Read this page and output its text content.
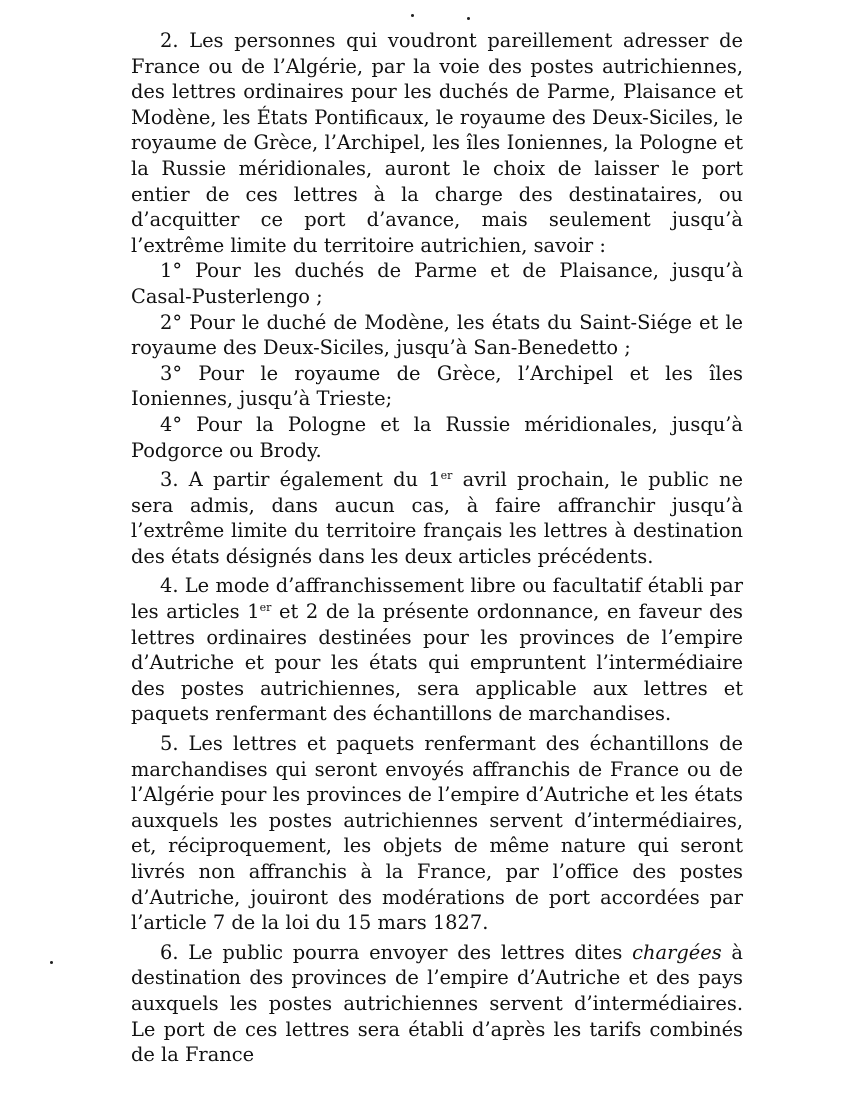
2. Les personnes qui voudront pareillement adresser de France ou de l’Algérie, par la voie des postes autrichiennes, des lettres ordinaires pour les duchés de Parme, Plaisance et Modène, les États Pontificaux, le royaume des Deux-Siciles, le royaume de Grèce, l’Archipel, les îles Ioniennes, la Pologne et la Russie méridionales, auront le choix de laisser le port entier de ces lettres à la charge des destinataires, ou d’acquitter ce port d’avance, mais seulement jusqu’à l’extrême limite du territoire autrichien, savoir :

1° Pour les duchés de Parme et de Plaisance, jusqu’à Casal-Pusterlengo ;

2° Pour le duché de Modène, les états du Saint-Siége et le royaume des Deux-Siciles, jusqu’à San-Benedetto ;

3° Pour le royaume de Grèce, l’Archipel et les îles Ioniennes, jusqu’à Trieste;

4° Pour la Pologne et la Russie méridionales, jusqu’à Podgorce ou Brody.

3. A partir également du 1er avril prochain, le public ne sera admis, dans aucun cas, à faire affranchir jusqu’à l’extrême limite du territoire français les lettres à destination des états désignés dans les deux articles précédents.

4. Le mode d’affranchissement libre ou facultatif établi par les articles 1er et 2 de la présente ordonnance, en faveur des lettres ordinaires destinées pour les provinces de l’empire d’Autriche et pour les états qui empruntent l’intermédiaire des postes autrichiennes, sera applicable aux lettres et paquets renfermant des échantillons de marchandises.

5. Les lettres et paquets renfermant des échantillons de marchandises qui seront envoyés affranchis de France ou de l’Algérie pour les provinces de l’empire d’Autriche et les états auxquels les postes autrichiennes servent d’intermédiaires, et, réciproquement, les objets de même nature qui seront livrés non affranchis à la France, par l’office des postes d’Autriche, jouiront des modérations de port accordées par l’article 7 de la loi du 15 mars 1827.

6. Le public pourra envoyer des lettres dites chargées à destination des provinces de l’empire d’Autriche et des pays auxquels les postes autrichiennes servent d’intermédiaires. Le port de ces lettres sera établi d’après les tarifs combinés de la France
